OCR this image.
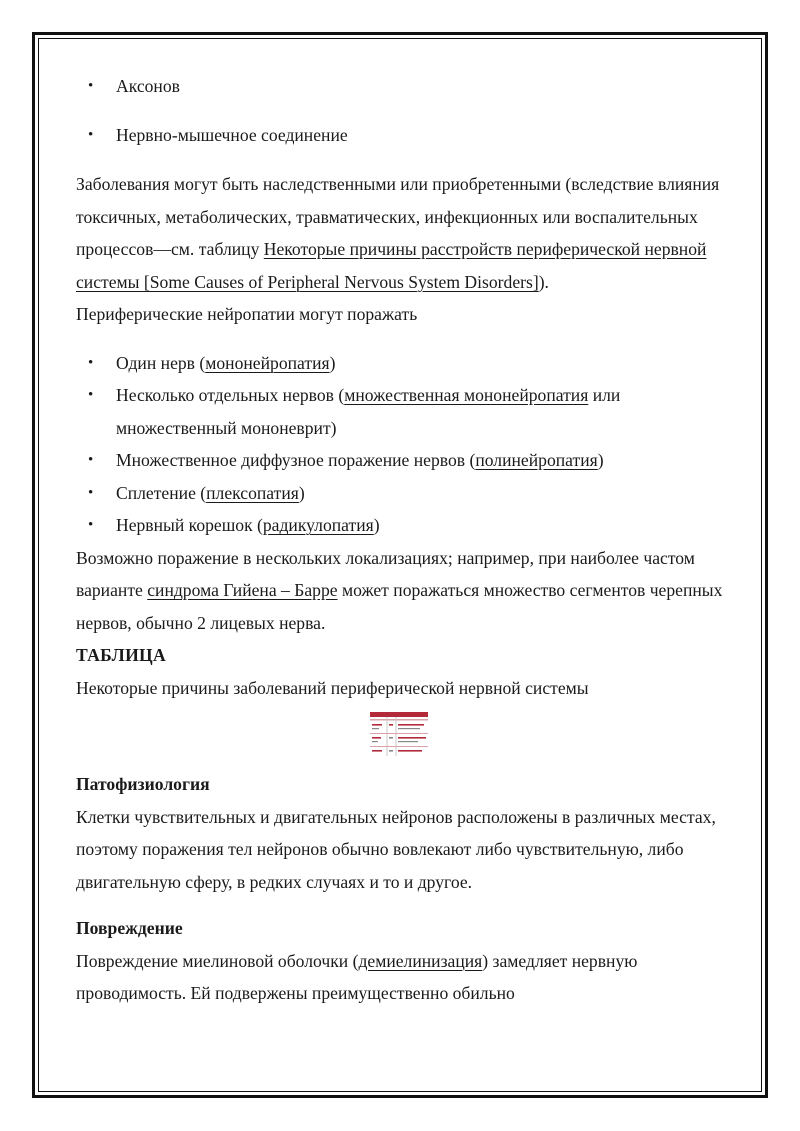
• Аксонов
• Нервно-мышечное соединение

Заболевания могут быть наследственными или приобретенными (вследствие влияния токсичных, метаболических, травматических, инфекционных или воспалительных процессов—см. таблицу Некоторые причины расстройств периферической нервной системы [Some Causes of Peripheral Nervous System Disorders]).

Периферические нейропатии могут поражать

• Один нерв (мононейропатия)
• Несколько отдельных нервов (множественная мононейропатия или множественный мононеврит)
• Множественное диффузное поражение нервов (полинейропатия)
• Сплетение (плексопатия)
• Нервный корешок (радикулопатия)

Возможно поражение в нескольких локализациях; например, при наиболее частом варианте синдрома Гийена – Барре может поражаться множество сегментов черепных нервов, обычно 2 лицевых нерва.

ТАБЛИЦА

Некоторые причины заболеваний периферической нервной системы

Патофизиология

Клетки чувствительных и двигательных нейронов расположены в различных местах, поэтому поражения тел нейронов обычно вовлекают либо чувствительную, либо двигательную сферу, в редких случаях и то и другое.

Повреждение

Повреждение миелиновой оболочки (демиелинизация) замедляет нервную проводимость. Ей подвержены преимущественно обильно
